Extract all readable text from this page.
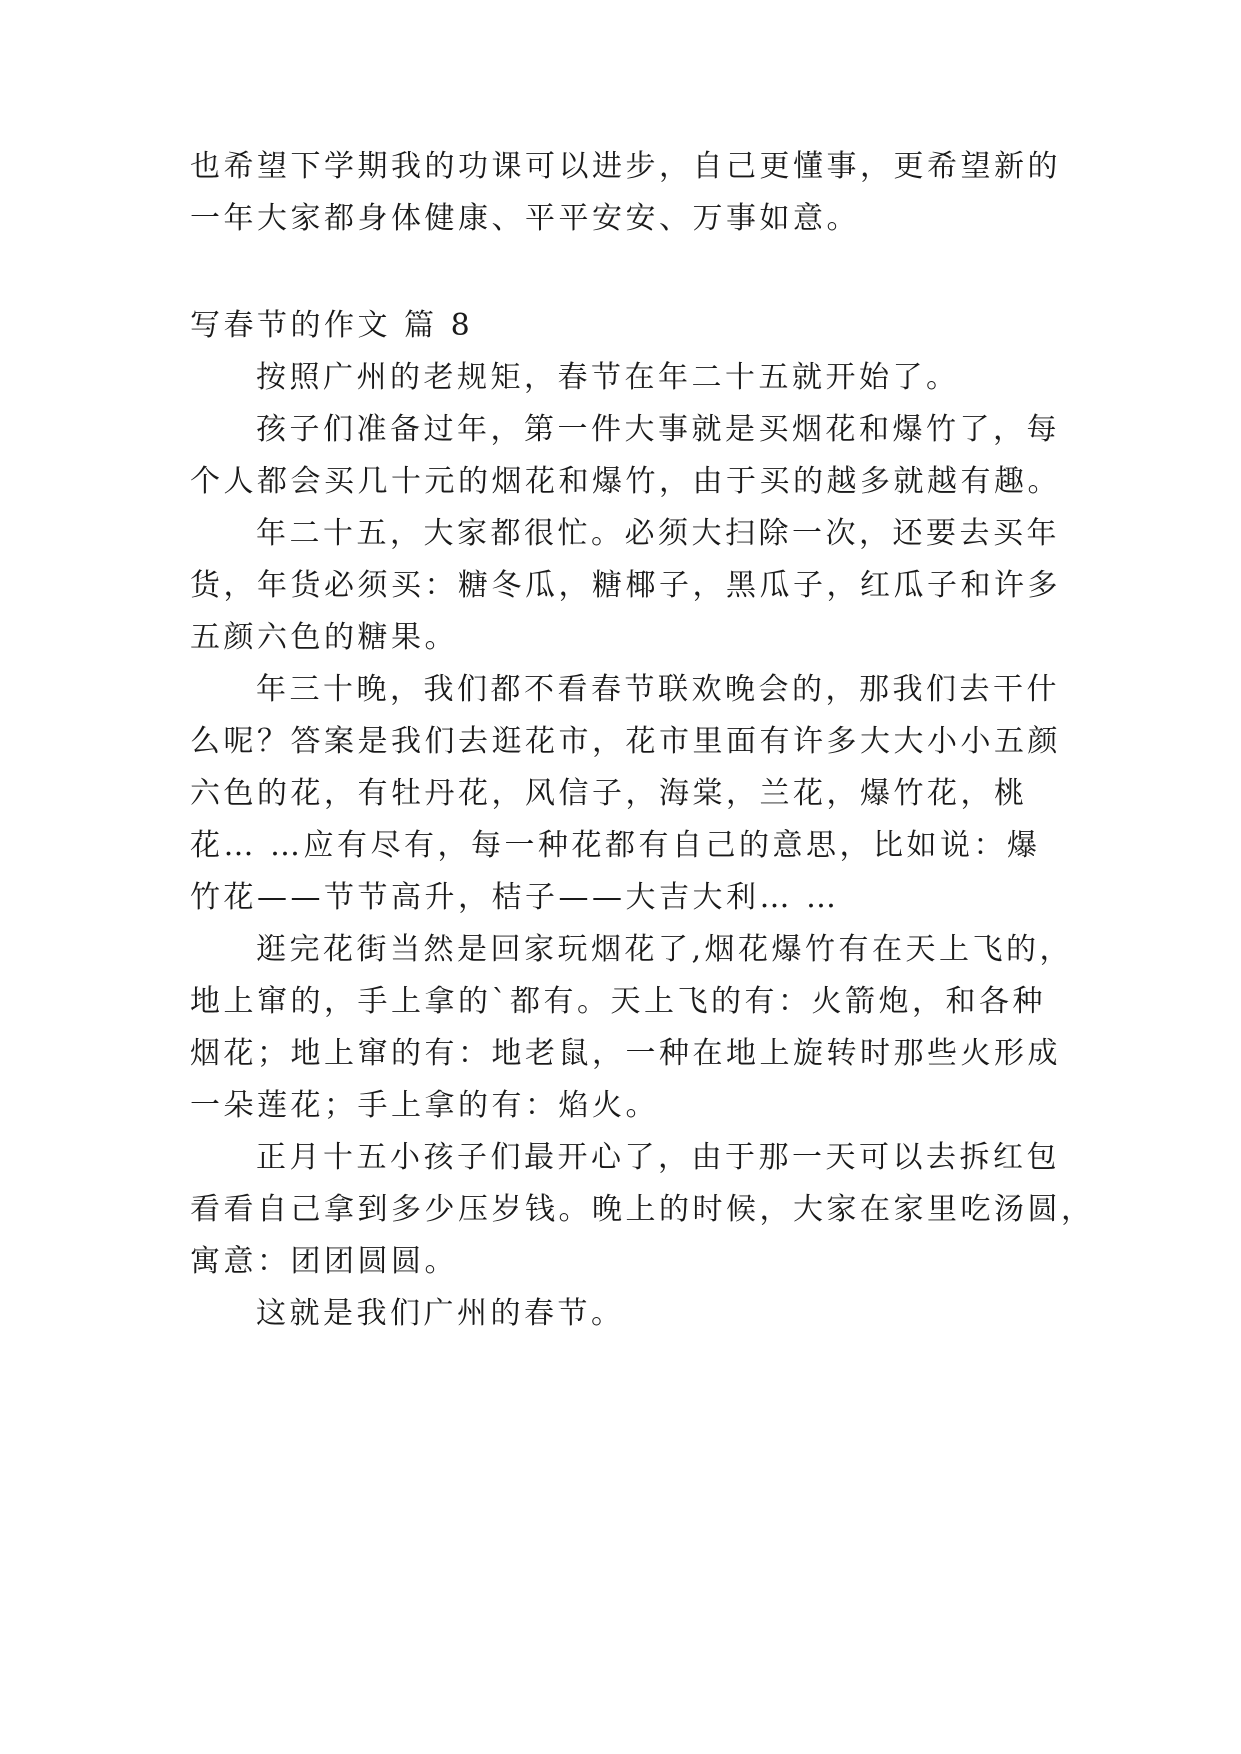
也希望下学期我的功课可以进步，自己更懂事，更希望新的
一年大家都身体健康、平平安安、万事如意。
写春节的作文 篇 8
按照广州的老规矩，春节在年二十五就开始了。
孩子们准备过年，第一件大事就是买烟花和爆竹了，每
个人都会买几十元的烟花和爆竹，由于买的越多就越有趣。
年二十五，大家都很忙。必须大扫除一次，还要去买年
货，年货必须买：糖冬瓜，糖椰子，黑瓜子，红瓜子和许多
五颜六色的糖果。
年三十晚，我们都不看春节联欢晚会的，那我们去干什
么呢？答案是我们去逛花市，花市里面有许多大大小小五颜
六色的花，有牡丹花，风信子，海棠，兰花，爆竹花，桃
花… …应有尽有，每一种花都有自己的意思，比如说：爆
竹花——节节高升，桔子——大吉大利… …
逛完花街当然是回家玩烟花了,烟花爆竹有在天上飞的，
地上窜的，手上拿的`都有。天上飞的有：火箭炮，和各种
烟花；地上窜的有：地老鼠，一种在地上旋转时那些火形成
一朵莲花；手上拿的有：焰火。
正月十五小孩子们最开心了，由于那一天可以去拆红包
看看自己拿到多少压岁钱。晚上的时候，大家在家里吃汤圆，
寓意：团团圆圆。
这就是我们广州的春节。
